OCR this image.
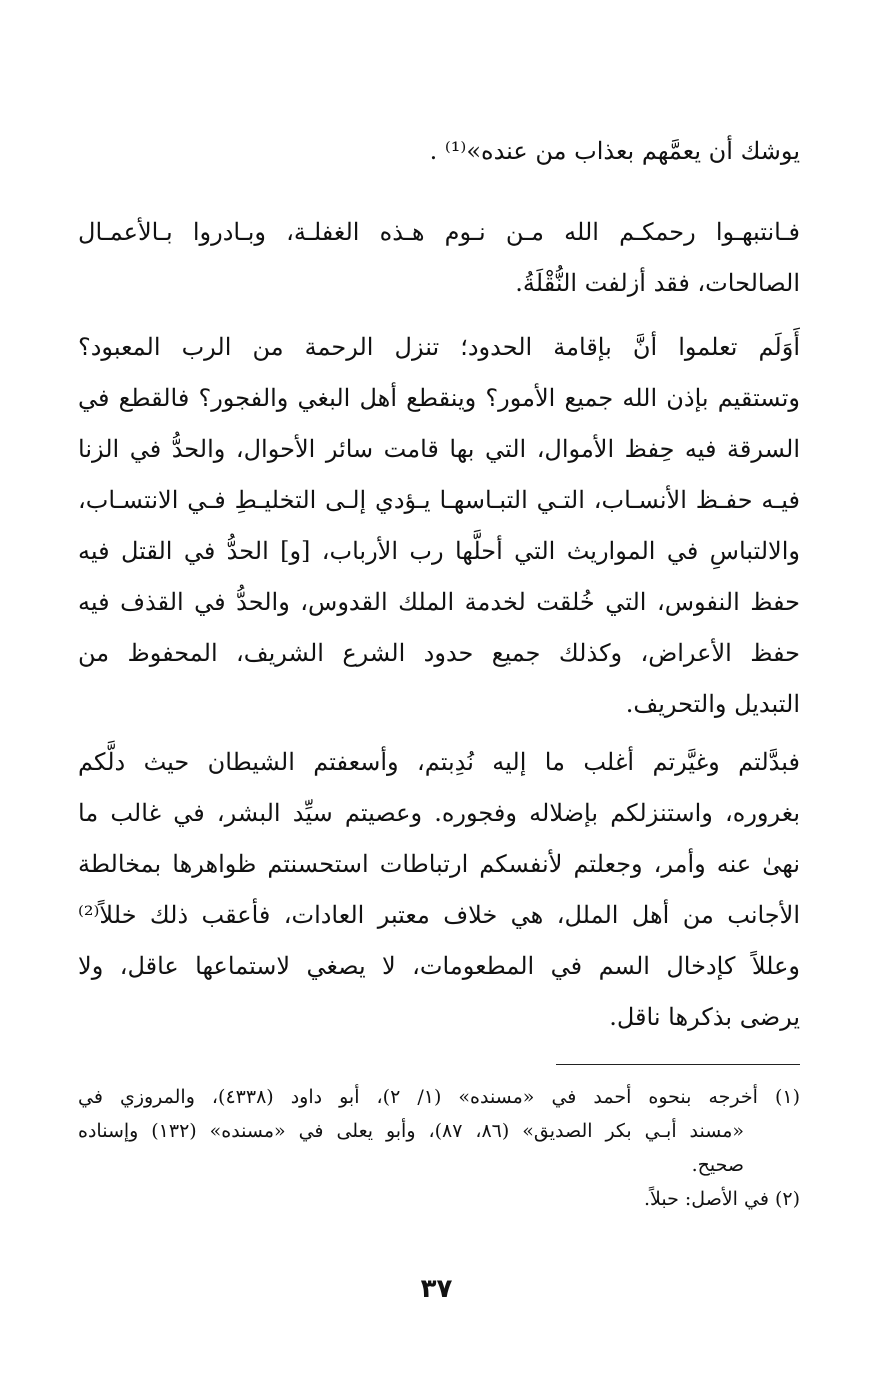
يوشك أن يعمَّهم بعذاب من عنده»⁽¹⁾ .
فـانتبهـوا رحمكـم الله مـن نـوم هـذه الغفلـة، وبـادروا بـالأعمـال
الصالحات، فقد أزلفت النُّقْلَةُ.
أَوَلَم تعلموا أنَّ بإقامة الحدود؛ تنزل الرحمة من الرب المعبود؟
وتستقيم بإذن الله جميع الأمور؟ وينقطع أهل البغي والفجور؟ فالقطع في
السرقة فيه حِفظ الأموال، التي بها قامت سائر الأحوال، والحدُّ في الزنا
فيـه حفـظ الأنسـاب، التـي التبـاسهـا يـؤدي إلـى التخليـطِ فـي الانتسـاب،
والالتباسِ في المواريث التي أحلَّها رب الأرباب، [و] الحدُّ في القتل فيه
حفظ النفوس، التي خُلقت لخدمة الملك القدوس، والحدُّ في القذف فيه
حفظ الأعراض، وكذلك جميع حدود الشرع الشريف، المحفوظ من
التبديل والتحريف.
فبدَّلتم وغيَّرتم أغلب ما إليه نُدِبتم، وأسعفتم الشيطان حيث دلَّكم
بغروره، واستنزلكم بإضلاله وفجوره. وعصيتم سيِّد البشر، في غالب ما
نهىٰ عنه وأمر، وجعلتم لأنفسكم ارتباطات استحسنتم ظواهرها بمخالطة
الأجانب من أهل الملل، هي خلاف معتبر العادات، فأعقب ذلك خللاً⁽²⁾
وعللاً كإدخال السم في المطعومات، لا يصغي لاستماعها عاقل، ولا
يرضى بذكرها ناقل.
(١) أخرجه بنحوه أحمد في «مسنده» (١/ ٢)، أبو داود (٤٣٣٨)، والمروزي في
«مسند أبـي بكر الصديق» (٨٦، ٨٧)، وأبو يعلى في «مسنده» (١٣٢) وإسناده
صحيح.
(٢) في الأصل: حبلاً.
٣٧
